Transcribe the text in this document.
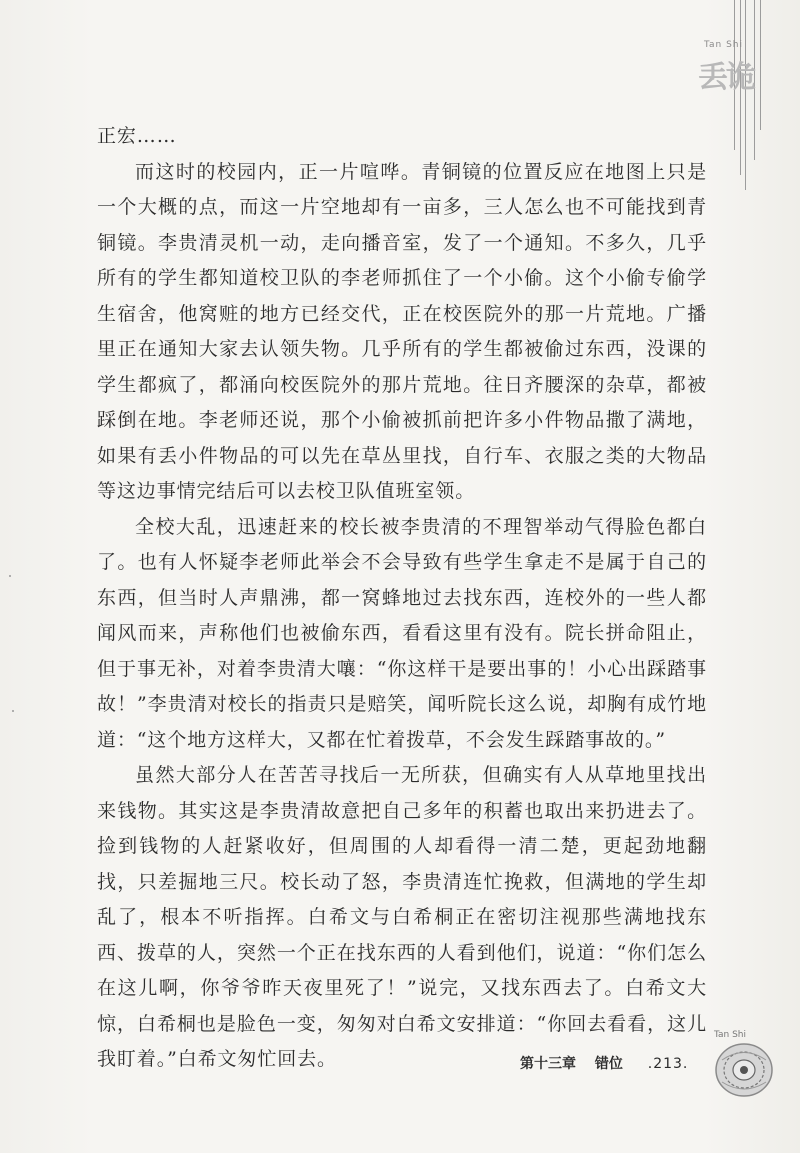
Tan Shi
丢诡

正宏……

而这时的校园内，正一片喧哗。青铜镜的位置反应在地图上只是一个大概的点，而这一片空地却有一亩多，三人怎么也不可能找到青铜镜。李贵清灵机一动，走向播音室，发了一个通知。不多久，几乎所有的学生都知道校卫队的李老师抓住了一个小偷。这个小偷专偷学生宿舍，他窝赃的地方已经交代，正在校医院外的那一片荒地。广播里正在通知大家去认领失物。几乎所有的学生都被偷过东西，没课的学生都疯了，都涌向校医院外的那片荒地。往日齐腰深的杂草，都被踩倒在地。李老师还说，那个小偷被抓前把许多小件物品撒了满地，如果有丢小件物品的可以先在草丛里找，自行车、衣服之类的大物品等这边事情完结后可以去校卫队值班室领。

全校大乱，迅速赶来的校长被李贵清的不理智举动气得脸色都白了。也有人怀疑李老师此举会不会导致有些学生拿走不是属于自己的东西，但当时人声鼎沸，都一窝蜂地过去找东西，连校外的一些人都闻风而来，声称他们也被偷东西，看看这里有没有。院长拼命阻止，但于事无补，对着李贵清大嚷：“你这样干是要出事的！小心出踩踏事故！”李贵清对校长的指责只是赔笑，闻听院长这么说，却胸有成竹地道：“这个地方这样大，又都在忙着拨草，不会发生踩踏事故的。”

虽然大部分人在苦苦寻找后一无所获，但确实有人从草地里找出来钱物。其实这是李贵清故意把自己多年的积蓄也取出来扔进去了。捡到钱物的人赶紧收好，但周围的人却看得一清二楚，更起劲地翻找，只差掘地三尺。校长动了怒，李贵清连忙挽救，但满地的学生却乱了，根本不听指挥。白希文与白希桐正在密切注视那些满地找东西、拨草的人，突然一个正在找东西的人看到他们，说道：“你们怎么在这儿啊，你爷爷昨天夜里死了！”说完，又找东西去了。白希文大惊，白希桐也是脸色一变，匆匆对白希文安排道：“你回去看看，这儿我盯着。”白希文匆忙回去。	第十三章 错位 .213.
Tan Shi
